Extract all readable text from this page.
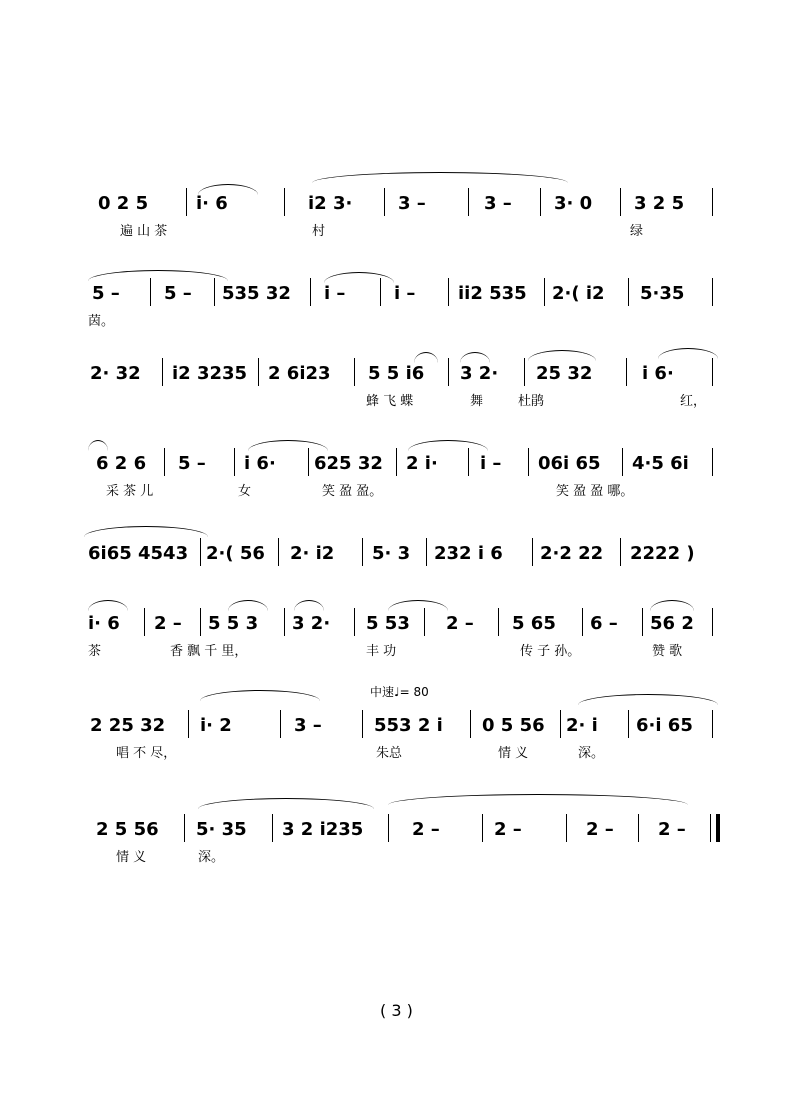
0 2 5	i· 6	i2 3·	3 –	3 – 3· 0 3 2 5
遍 山 茶	村	绿
5 – 5 – 535 32 i –	i – ii2 535 2·( i2 5·35
茵。
2· 32 i2 3235 2 6i23 5 5 i6 3 2· 25 32	i 6·
蜂 飞 蝶	舞	杜鹃	红，
6 2 6 5 – i 6· 625 32 2 i· i – 06i 65 4·5 6i
采 茶 儿	女	笑 盈 盈。	笑 盈 盈 哪。
6i65 4543 2·( 56 2· i2 5· 3 232 i 6 2·2 22 2222 )
i· 6 2 – 5 5 3 3 2· 5 53 2 – 5 65 6 – 56 2
茶	香 飘 千 里，	丰 功	传 子 孙。	赞 歌
中速♩= 80
2 25 32 i· 2	3 –	553 2 i 0 5 56 2· i 6·i 65
唱 不 尽，	朱总	情 义	深。
2 5 56 5· 35 3 2 i235	2 –	2 –	2 – 2 –
情 义	深。
( 3 )
